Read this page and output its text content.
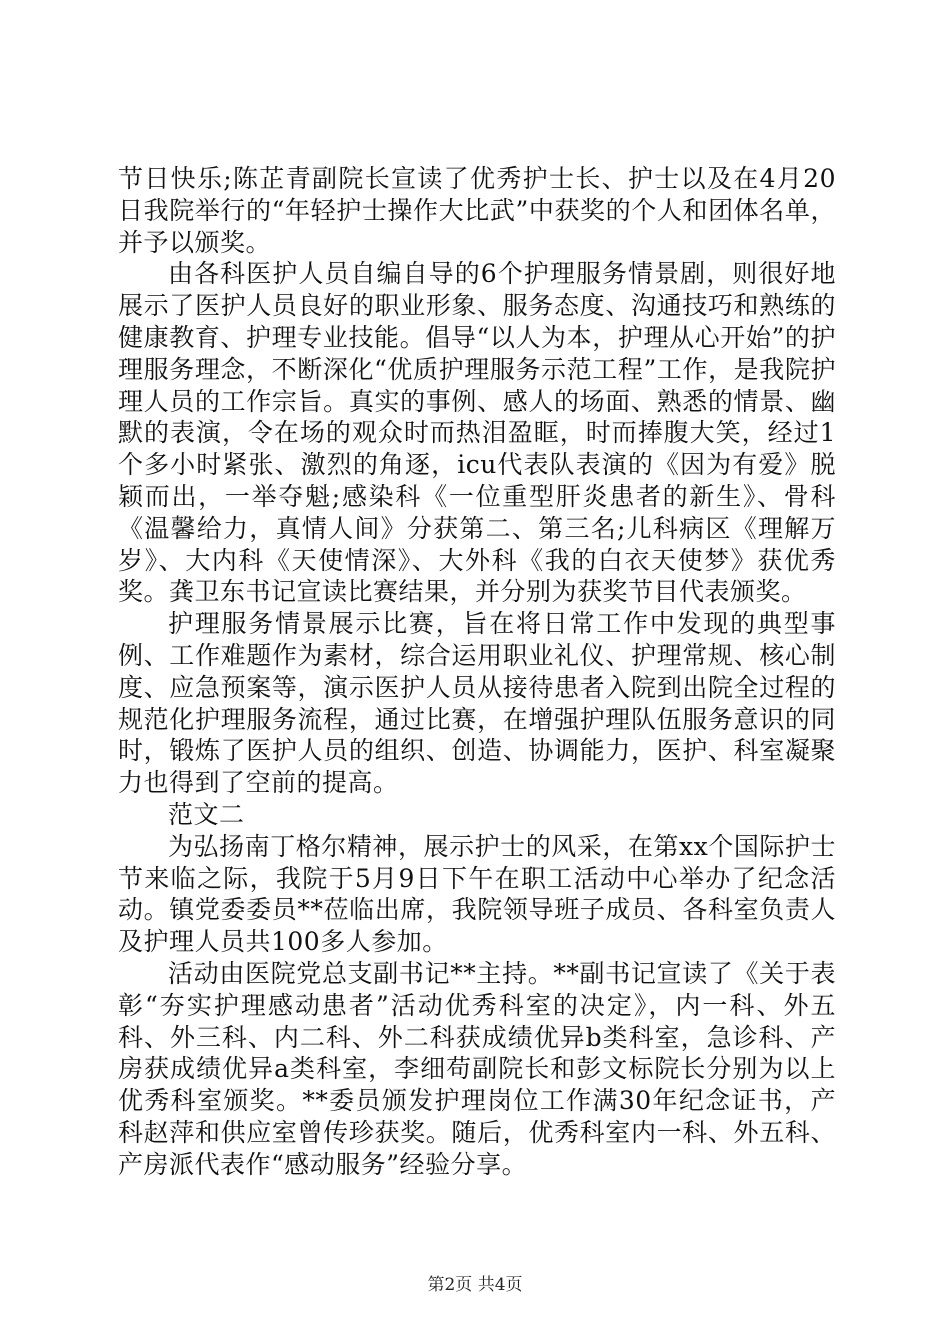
节日快乐;陈芷青副院长宣读了优秀护士长、护士以及在4月20日我院举行的“年轻护士操作大比武”中获奖的个人和团体名单，并予以颁奖。

由各科医护人员自编自导的6个护理服务情景剧，则很好地展示了医护人员良好的职业形象、服务态度、沟通技巧和熟练的健康教育、护理专业技能。倡导“以人为本，护理从心开始”的护理服务理念，不断深化“优质护理服务示范工程”工作，是我院护理人员的工作宗旨。真实的事例、感人的场面、熟悉的情景、幽默的表演，令在场的观众时而热泪盈眶，时而捧腹大笑，经过1个多小时紧张、激烈的角逐，icu代表队表演的《因为有爱》脱颖而出，一举夺魁;感染科《一位重型肝炎患者的新生》、骨科《温馨给力，真情人间》分获第二、第三名;儿科病区《理解万岁》、大内科《天使情深》、大外科《我的白衣天使梦》获优秀奖。龚卫东书记宣读比赛结果，并分别为获奖节目代表颁奖。

护理服务情景展示比赛，旨在将日常工作中发现的典型事例、工作难题作为素材，综合运用职业礼仪、护理常规、核心制度、应急预案等，演示医护人员从接待患者入院到出院全过程的规范化护理服务流程，通过比赛，在增强护理队伍服务意识的同时，锻炼了医护人员的组织、创造、协调能力，医护、科室凝聚力也得到了空前的提高。

范文二

为弘扬南丁格尔精神，展示护士的风采，在第xx个国际护士节来临之际，我院于5月9日下午在职工活动中心举办了纪念活动。镇党委委员**莅临出席，我院领导班子成员、各科室负责人及护理人员共100多人参加。

活动由医院党总支副书记**主持。**副书记宣读了《关于表彰“夯实护理感动患者”活动优秀科室的决定》，内一科、外五科、外三科、内二科、外二科获成绩优异b类科室，急诊科、产房获成绩优异a类科室，李细苟副院长和彭文标院长分别为以上优秀科室颁奖。**委员颁发护理岗位工作满30年纪念证书，产科赵萍和供应室曾传珍获奖。随后，优秀科室内一科、外五科、产房派代表作“感动服务”经验分享。

第2页 共4页
